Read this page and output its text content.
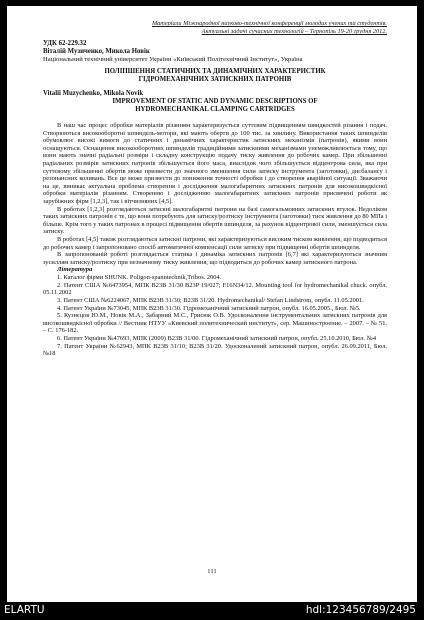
Матеріали Міжнародної науково-технічної конференції молодих учених та студентів.
Актуальні задачі сучасних технологій – Тернопіль 19-20 грудня 2012.
УДК 62-229.32
Віталій Музиченко, Микола Новік
Національний технічний університет України «Київський Політехнічний Інститут», Україна
ПОЛІПШЕННЯ СТАТИЧНИХ ТА ДИНАМІЧНИХ ХАРАКТЕРИСТИК
ГІДРОМЕХАНІЧНИХ ЗАТИСКНИХ ПАТРОНІВ
Vitalii Muzychenko, Mikola Novik
IMPROVEMENT OF STATIC AND DYNAMIC DESCRIPTIONS OF
HYDROMECHANIKAL CLAMPING CARTRIDGES

В наш час процес обробки матеріалів різанням характеризується суттєвим підвищенням швидкостей різання і подач. Створюються високооборотні шпиндель-мотори, які мають оберти до 100 тис. за хвилину. Використання таких шпинделів обумовлює високі вимоги до статичних і динамічних характеристик затискних механізмів (патронів), якими вони оснащуються. Оснащення високооборотних шпинделів традиційними затискними механізмами унеможливлюється тому, що вони мають значні радіальні розміри і складну конструкцію подачу тиску живлення до робочих камер. При збільшенні радіальних розмірів затискних патронів збільшується його маса, внаслідок чого збільшується відцентрова сила, яка при суттєвому збільшенні обертів може призвести до значного зменшення сили затиску інструмента (заготовки), дисбалансу і резонансних коливань. Все це може призвести до пониження точності обробки і до створення аварійної ситуації. Зважаючи на це, виникає актуальна проблема створення і дослідження малогабаритних затискних патронів для високошвидкісної обробки матеріалів різанням. Створенню і дослідженню малогабаритних затискних патронів присвячені роботи як зарубіжних фірм [1,2,3], так і вітчизняних [4,5].

В роботах [1,2,3] розглядаються затискні малогабаритні патрони на базі самогальмовних затискних втулок. Недоліком таких затискних патронів є те, що вони потребують для затиску/розтиску інструмента (заготовки) тиск живлення до 80 МПа і більше. Крім того у таких патронах в процесі підвищення обертів шпинделя, за рахунок відцентрової сили, зменшується сила затиску.

В роботах [4,5] також розглядаються затискні патрони, які характеризуються високим тиском живлення, що подводиться до робочих камер і запропоновано спосіб автоматичної компенсації сили затиску при підвищенні обертів шпинделя.

В запропонованій роботі розглядається статика і динаміка затискних патронів [6,7] які характеризуються значним зусиллям затиску/розтиску при незначному тиску живлення, що підводиться до робочих камер затискного патрона.

Література

1. Каталог фірми SHUNK. Poligon-spanntechnik,Tribos. 2004.

2. Патент США №6473954, МПК B23B 31/30 B23P 19/027; F16N34/12. Mounting tool for hydromechanikal chuck. опубл. 05.11.2002

3. Патент США №6224067, МПК B23B 31/30; B23B 31/20. Hydromechanikal/ Stefan Lindstrom, опубл. 11.05.2001.

4. Патент України №73045, МПК B23B 31/30. Гідромеханічний затискний патрон, опубл. 16.05.2005., Бюл. №5.

5. Кузнєцов Ю.М., Новік М.А., Забарний М.С., Грисюк О.В. Удосконалення інструментальних затискних патронів для високошвидкісної обробки // Вестник НТУУ «Киевский политехнический институт», сер. Машиностроение. – 2007. – № 51. – С. 176-182.

6. Патент України №47693, МПК (2009) B23B 31/00. Гідромеханічний затискний патрон, опубл. 25.10.2010, Бюл. №4

7. Патент України №62943, МПК B23B 31/10; B23B 31/20. Удосконалений затискний патрон, опубл. 26.09.2011, Бюл. №18

111
ELARTU	hdl:123456789/2495
